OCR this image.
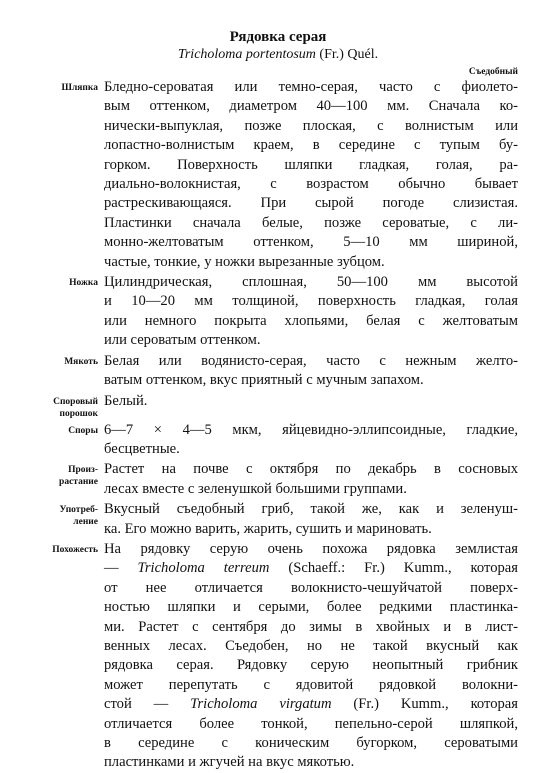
Рядовка серая

Tricholoma portentosum (Fr.) Quél.

Съедобный

Шляпка Бледно-сероватая или темно-серая, часто с фиолето-
вым оттенком, диаметром 40—100 мм. Сначала ко-
нически-выпуклая, позже плоская, с волнистым или
лопастно-волнистым краем, в середине с тупым бу-
горком. Поверхность шляпки гладкая, голая, ра-
диально-волокнистая, с возрастом обычно бывает
растрескивающаяся. При сырой погоде слизистая.
Пластинки сначала белые, позже сероватые, с ли-
монно-желтоватым оттенком, 5—10 мм шириной,
частые, тонкие, у ножки вырезанные зубцом.
Ножка Цилиндрическая, сплошная, 50—100 мм высотой
и 10—20 мм толщиной, поверхность гладкая, голая
или немного покрыта хлопьями, белая с желтоватым
или сероватым оттенком.
Мякоть Белая или водянисто-серая, часто с нежным желто-
ватым оттенком, вкус приятный с мучным запахом.
Споровый порошок
Белый.
Споры 6—7 × 4—5 мкм, яйцевидно-эллипсоидные, гладкие,
бесцветные.
Произ-растание
Растет на почве с октября по декабрь в сосновых
лесах вместе с зеленушкой большими группами.
Употреб-ление
Вкусный съедобный гриб, такой же, как и зеленуш-
ка. Его можно варить, жарить, сушить и мариновать.
Похожесть На рядовку серую очень похожа рядовка землистая
— Tricholoma terreum (Schaeff.: Fr.) Kumm., которая
от нее отличается волокнисто-чешуйчатой поверх-
ностью шляпки и серыми, более редкими пластинка-
ми. Растет с сентября до зимы в хвойных и в лист-
венных лесах. Съедобен, но не такой вкусный как
рядовка серая. Рядовку серую неопытный грибник
может перепутать с ядовитой рядовкой волокни-
стой — Tricholoma virgatum (Fr.) Kumm., которая
отличается более тонкой, пепельно-серой шляпкой,
в середине с коническим бугорком, сероватыми
пластинками и жгучей на вкус мякотью.
